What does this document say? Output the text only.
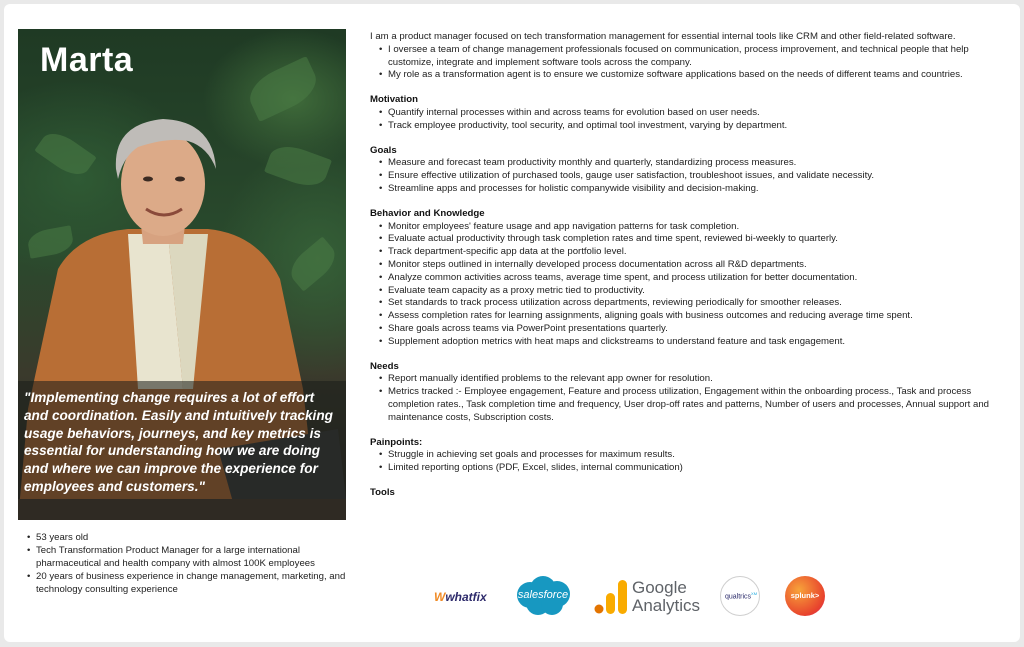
Marta
"Implementing change requires a lot of effort and coordination. Easily and intuitively tracking usage behaviors, journeys, and key metrics is essential for understanding how we are doing and where we can improve the experience for employees and customers."
• 53 years old
• Tech Transformation Product Manager for a large international pharmaceutical and health company with almost 100K employees
• 20 years of business experience in change management, marketing, and technology consulting experience
I am a product manager focused on tech transformation management for essential internal tools like CRM and other field-related software.
• I oversee a team of change management professionals focused on communication, process improvement, and technical people that help customize, integrate and implement software tools across the company.
• My role as a transformation agent is to ensure we customize software applications based on the needs of different teams and countries.
Motivation
• Quantify internal processes within and across teams for evolution based on user needs.
• Track employee productivity, tool security, and optimal tool investment, varying by department.
Goals
• Measure and forecast team productivity monthly and quarterly, standardizing process measures.
• Ensure effective utilization of purchased tools, gauge user satisfaction, troubleshoot issues, and validate necessity.
• Streamline apps and processes for holistic companywide visibility and decision-making.
Behavior and Knowledge
• Monitor employees' feature usage and app navigation patterns for task completion.
• Evaluate actual productivity through task completion rates and time spent, reviewed bi-weekly to quarterly.
• Track department-specific app data at the portfolio level.
• Monitor steps outlined in internally developed process documentation across all R&D departments.
• Analyze common activities across teams, average time spent, and process utilization for better documentation.
• Evaluate team capacity as a proxy metric tied to productivity.
• Set standards to track process utilization across departments, reviewing periodically for smoother releases.
• Assess completion rates for learning assignments, aligning goals with business outcomes and reducing average time spent.
• Share goals across teams via PowerPoint presentations quarterly.
• Supplement adoption metrics with heat maps and clickstreams to understand feature and task engagement.
Needs
• Report manually identified problems to the relevant app owner for resolution.
• Metrics tracked :- Employee engagement, Feature and process utilization, Engagement within the onboarding process., Task and process completion rates., Task completion time and frequency, User drop-off rates and patterns, Number of users and processes, Annual support and maintenance costs, Subscription costs.
Painpoints:
• Struggle in achieving set goals and processes for maximum results.
• Limited reporting options (PDF, Excel, slides, internal communication)
Tools
Wwhatfix	salesforce	Google
Analytics	qualtrics$^{XM}$	splunk>
